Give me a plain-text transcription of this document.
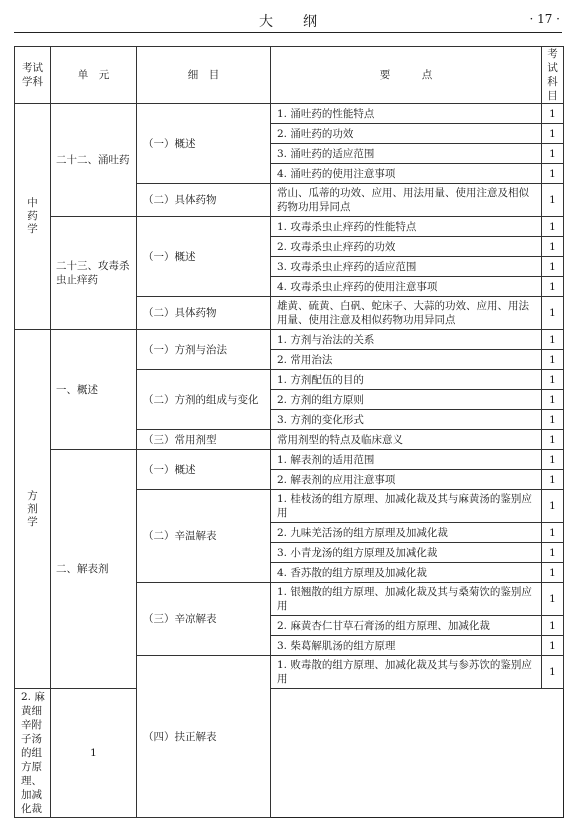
大纲	· 17 ·
考试学科	单　元	细　目	要　　　点	考试科目
中药学	二十二、涌吐药	（一）概述	1. 涌吐药的性能特点	1
			2. 涌吐药的功效	1
			3. 涌吐药的适应范围	1
			4. 涌吐药的使用注意事项	1
		（二）具体药物	常山、瓜蒂的功效、应用、用法用量、使用注意及相似药物功用异同点	1

	二十三、攻毒杀虫止痒药	（一）概述	1. 攻毒杀虫止痒药的性能特点	1
			2. 攻毒杀虫止痒药的功效	1
			3. 攻毒杀虫止痒药的适应范围	1
			4. 攻毒杀虫止痒药的使用注意事项	1
		（二）具体药物	雄黄、硫黄、白矾、蛇床子、大蒜的功效、应用、用法用量、使用注意及相似药物功用异同点	1

方剂学	一、概述	（一）方剂与治法	1. 方剂与治法的关系	1
			2. 常用治法	1
		（二）方剂的组成与变化	1. 方剂配伍的目的	1
			2. 方剂的组方原则	1
			3. 方剂的变化形式	1
		（三）常用剂型	常用剂型的特点及临床意义	1
	二、解表剂	（一）概述	1. 解表剂的适用范围	1
			2. 解表剂的应用注意事项	1
		（二）辛温解表	1. 桂枝汤的组方原理、加减化裁及其与麻黄汤的鉴别应用	1

			2. 九味羌活汤的组方原理及加减化裁	1
			3. 小青龙汤的组方原理及加减化裁	1
			4. 香苏散的组方原理及加减化裁	1
		（三）辛凉解表	1. 银翘散的组方原理、加减化裁及其与桑菊饮的鉴别应用	1

			2. 麻黄杏仁甘草石膏汤的组方原理、加减化裁	1
			3. 柴葛解肌汤的组方原理	1
		（四）扶正解表	1. 败毒散的组方原理、加减化裁及其与参苏饮的鉴别应用	1

2. 麻黄细辛附子汤的组方原理、加减化裁	1			
